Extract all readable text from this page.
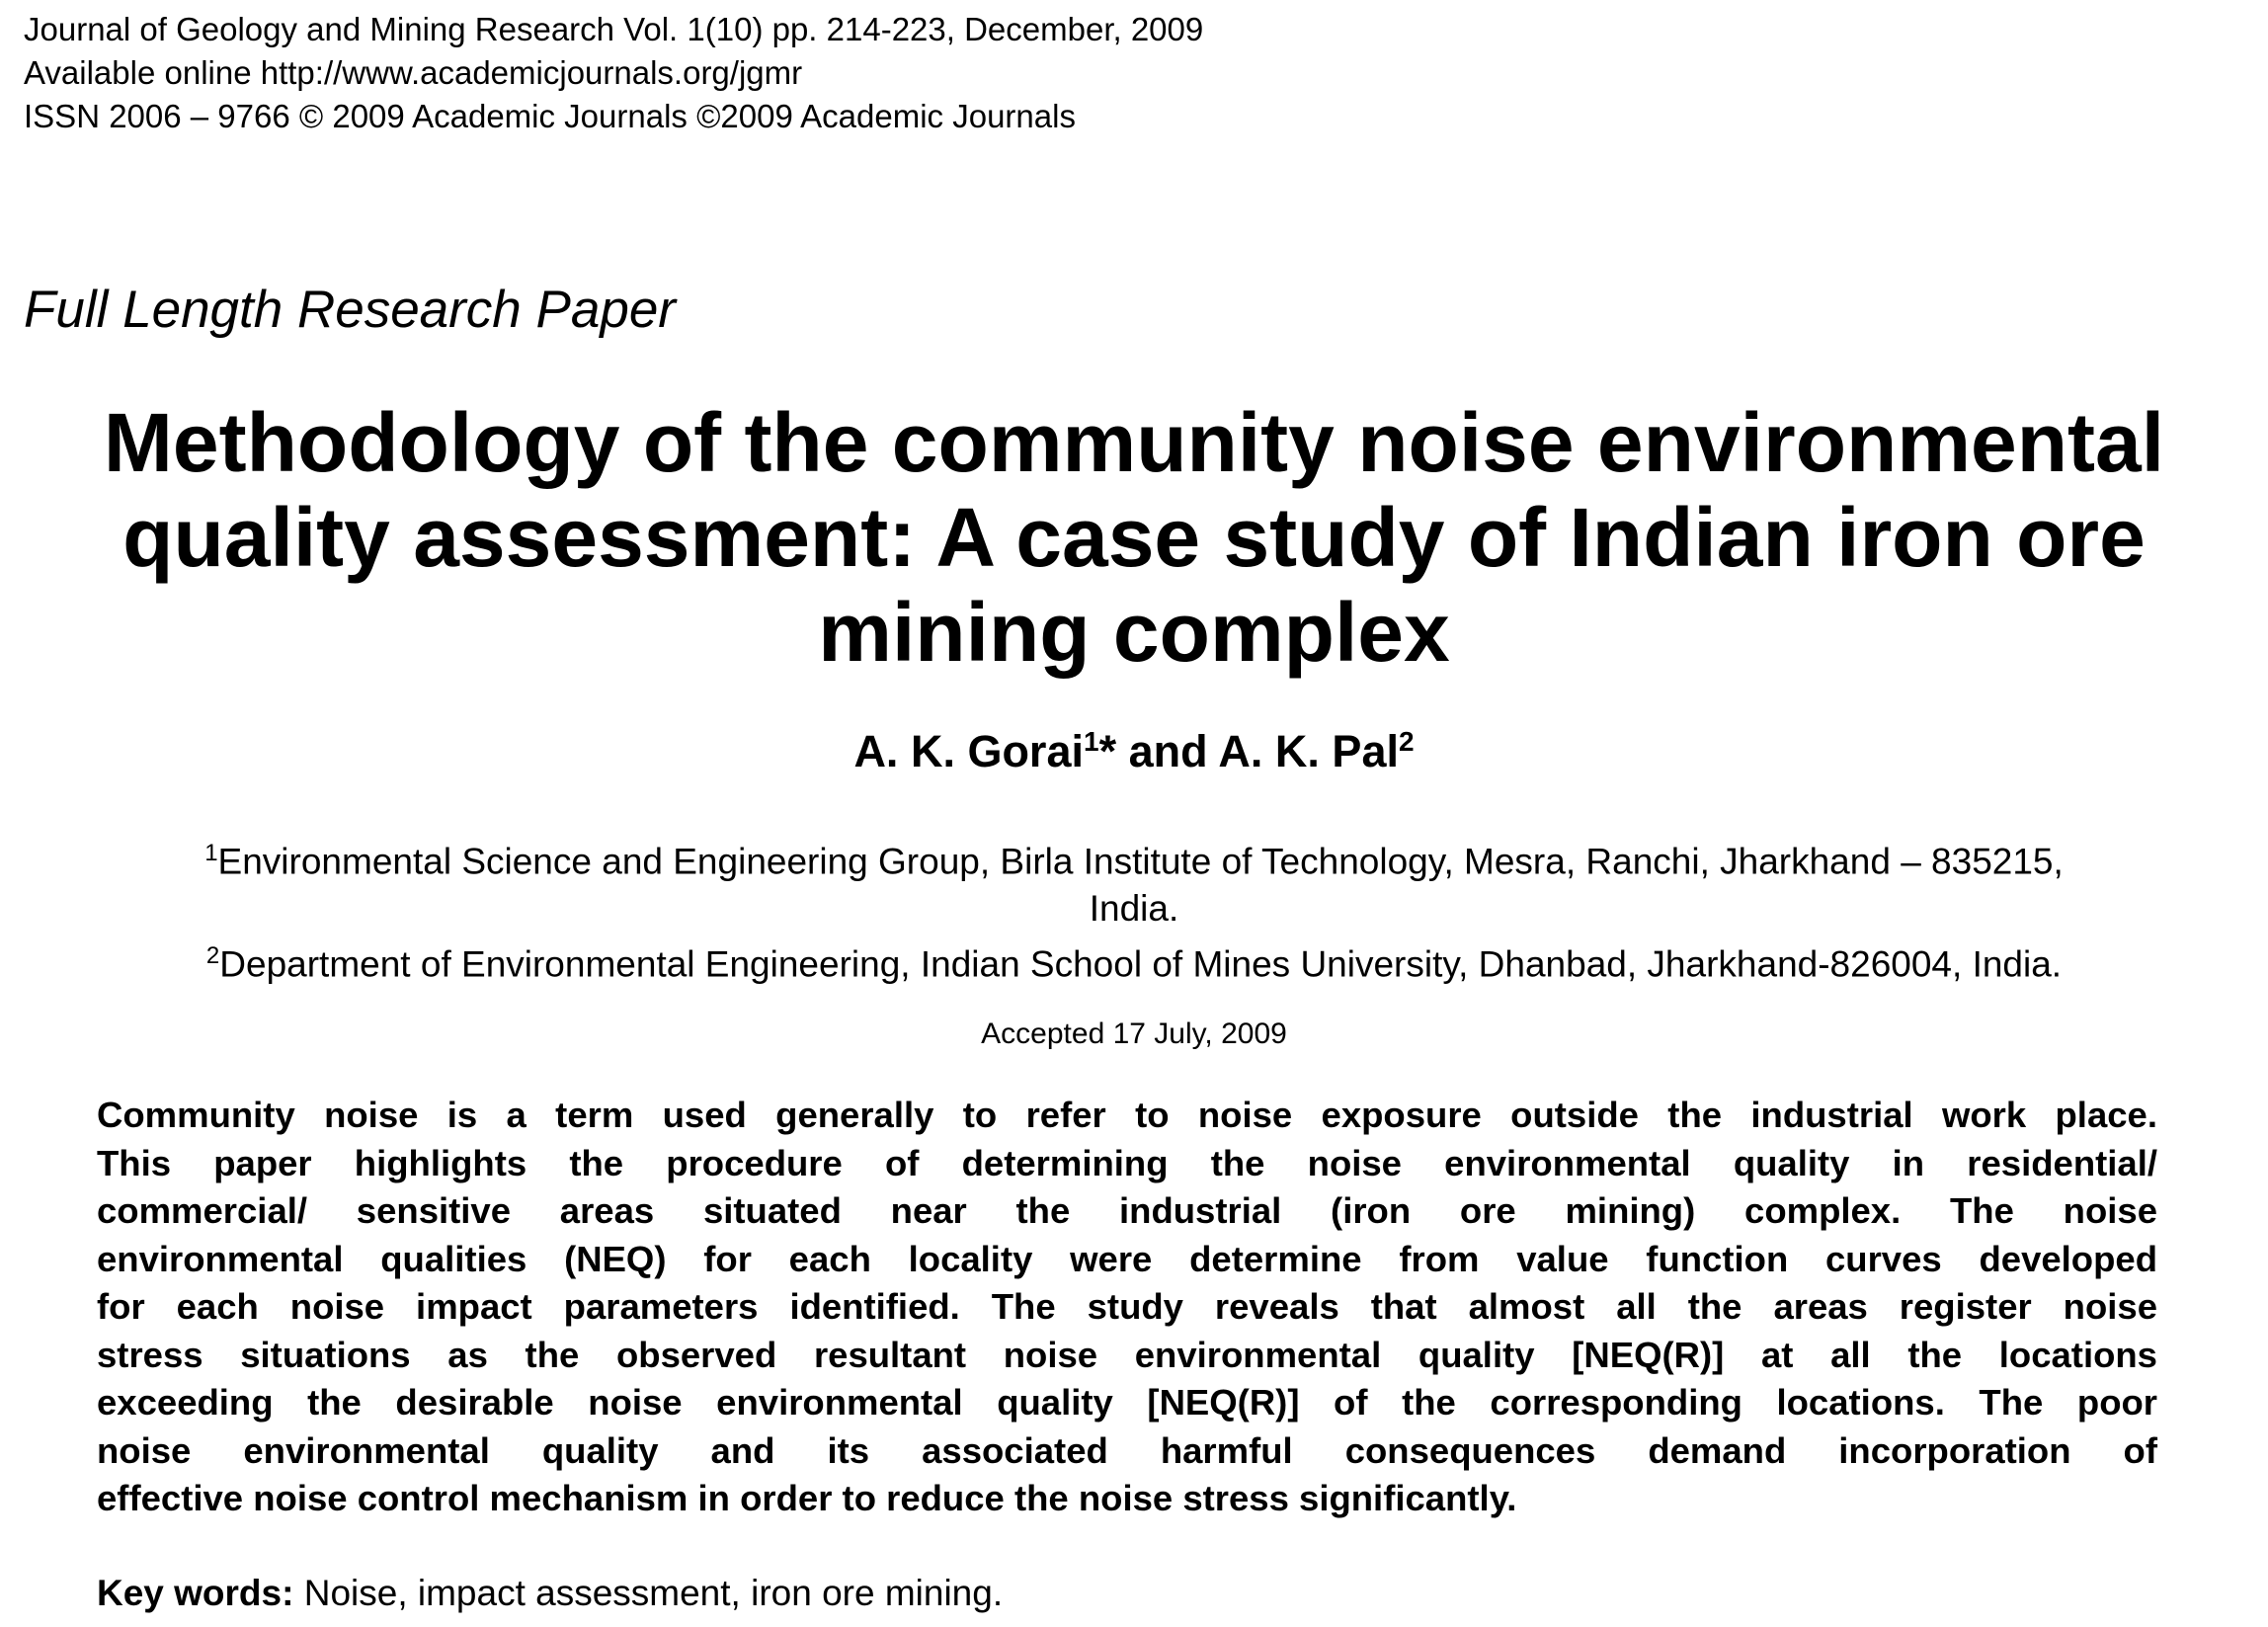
Journal of Geology and Mining Research Vol. 1(10) pp. 214-223, December, 2009
Available online http://www.academicjournals.org/jgmr
ISSN 2006 – 9766 © 2009 Academic Journals ©2009 Academic Journals
Full Length Research Paper
Methodology of the community noise environmental
quality assessment: A case study of Indian iron ore
mining complex
A. K. Gorai$^1$* and A. K. Pal$^2$
$^1$Environmental Science and Engineering Group, Birla Institute of Technology, Mesra, Ranchi, Jharkhand – 835215,
India.
$^2$Department of Environmental Engineering, Indian School of Mines University, Dhanbad, Jharkhand-826004, India.
Accepted 17 July, 2009
Community noise is a term used generally to refer to noise exposure outside the industrial work place.
This paper highlights the procedure of determining the noise environmental quality in residential/
commercial/ sensitive areas situated near the industrial (iron ore mining) complex. The noise
environmental qualities (NEQ) for each locality were determine from value function curves developed
for each noise impact parameters identified. The study reveals that almost all the areas register noise
stress situations as the observed resultant noise environmental quality [NEQ(R)] at all the locations
exceeding the desirable noise environmental quality [NEQ(R)] of the corresponding locations. The poor
noise environmental quality and its associated harmful consequences demand incorporation of
effective noise control mechanism in order to reduce the noise stress significantly.
Key words: Noise, impact assessment, iron ore mining.
